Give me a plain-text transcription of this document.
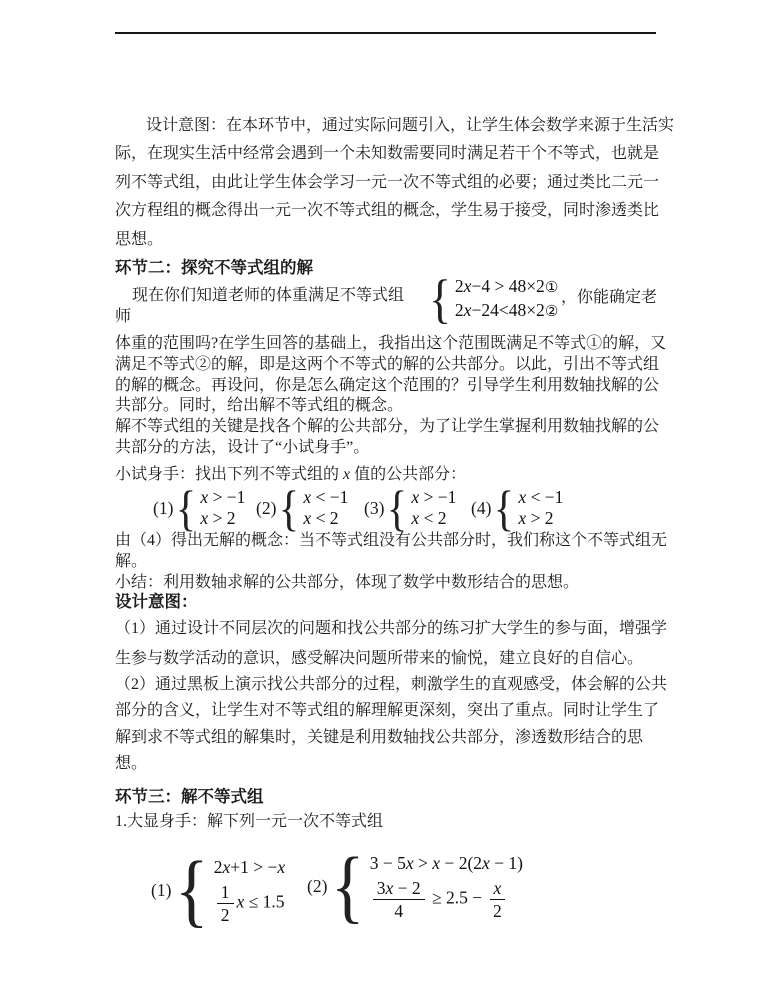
设计意图：在本环节中，通过实际问题引入，让学生体会数学来源于生活实
际，在现实生活中经常会遇到一个未知数需要同时满足若干个不等式，也就是
列不等式组，由此让学生体会学习一元一次不等式组的必要；通过类比二元一
次方程组的概念得出一元一次不等式组的概念，学生易于接受，同时渗透类比
思想。
环节二：探究不等式组的解
现在你们知道老师的体重满足不等式组 {	2x−4 > 48×2①
2x−24<48×2②
，你能确定老
师
体重的范围吗?在学生回答的基础上，我指出这个范围既满足不等式①的解，又
满足不等式②的解，即是这两个不等式的解的公共部分。以此，引出不等式组
的解的概念。再设问，你是怎么确定这个范围的？引导学生利用数轴找解的公
共部分。同时，给出解不等式组的概念。
解不等式组的关键是找各个解的公共部分，为了让学生掌握利用数轴找解的公
共部分的方法，设计了“小试身手”。
小试身手：找出下列不等式组的 x 值的公共部分：
(1)
{
x > −1
x > 2
(2)
{
x < −1
x < 2
(3)
{
x > −1
x < 2
(4)
{
x < −1
x > 2
由（4）得出无解的概念：当不等式组没有公共部分时，我们称这个不等式组无
解。
小结：利用数轴求解的公共部分，体现了数学中数形结合的思想。
设计意图：
（1）通过设计不同层次的问题和找公共部分的练习扩大学生的参与面，增强学
生参与数学活动的意识，感受解决问题所带来的愉悦，建立良好的自信心。
（2）通过黑板上演示找公共部分的过程，刺激学生的直观感受，体会解的公共
部分的含义，让学生对不等式组的解理解更深刻，突出了重点。同时让学生了
解到求不等式组的解集时，关键是利用数轴找公共部分，渗透数形结合的思
想。
环节三：解不等式组
1.大显身手：解下列一元一次不等式组
(1)
{
2x+1 > −x
$\frac{1}{2}$ x ≤ 1.5
(2)
{
3 − 5x > x − 2(2x − 1)
$\frac{3x - 2}{4} \ge 2.5 - \frac{x}{2}$
